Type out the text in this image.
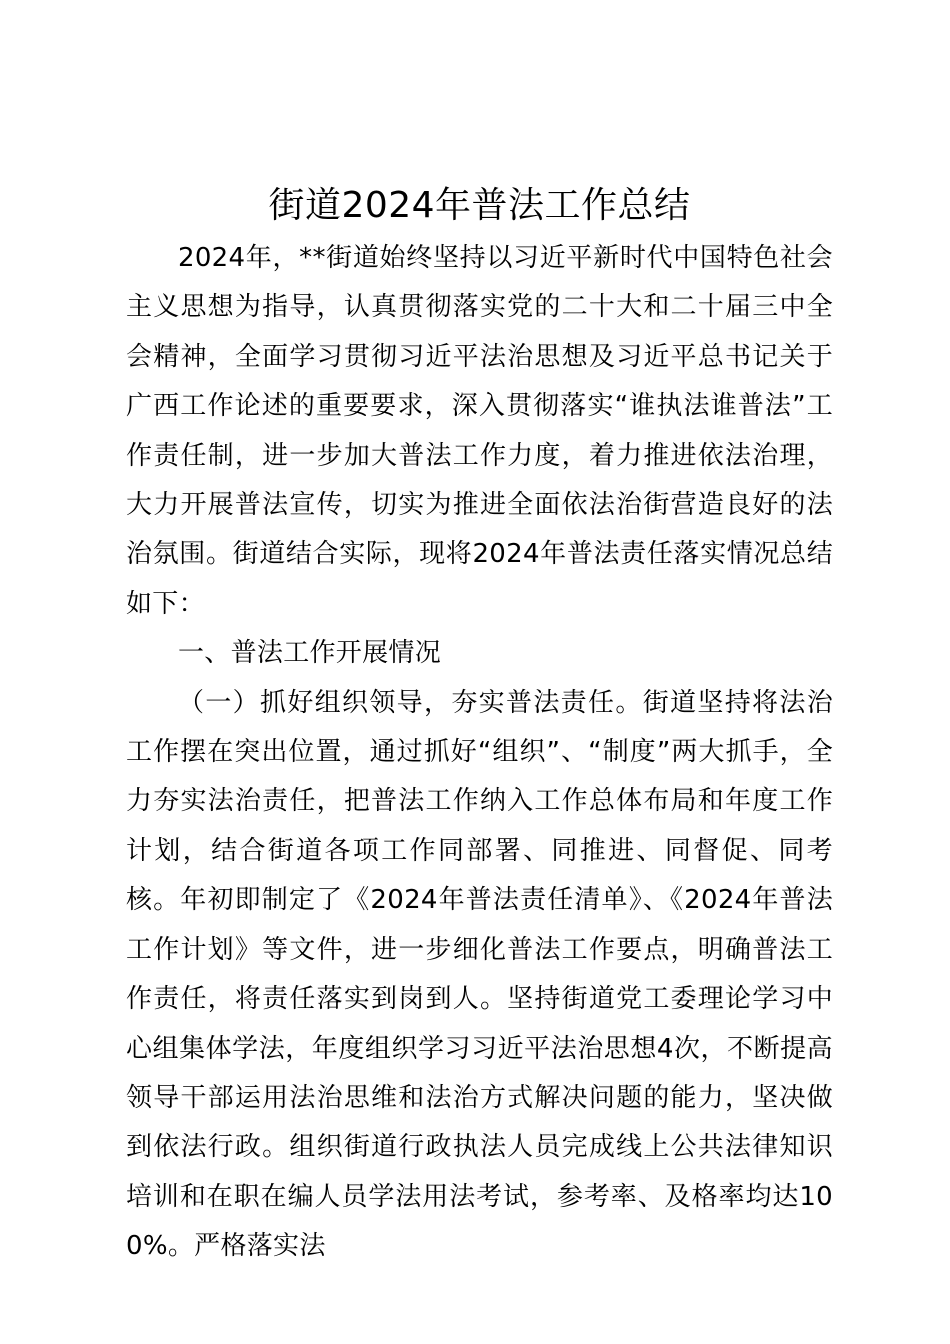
街道2024年普法工作总结

2024年，**街道始终坚持以习近平新时代中国特色社会主义思想为指导，认真贯彻落实党的二十大和二十届三中全会精神，全面学习贯彻习近平法治思想及习近平总书记关于广西工作论述的重要要求，深入贯彻落实“谁执法谁普法”工作责任制，进一步加大普法工作力度，着力推进依法治理，大力开展普法宣传，切实为推进全面依法治街营造良好的法治氛围。街道结合实际，现将2024年普法责任落实情况总结如下：

一、普法工作开展情况

（一）抓好组织领导，夯实普法责任。街道坚持将法治工作摆在突出位置，通过抓好“组织”、“制度”两大抓手，全力夯实法治责任，把普法工作纳入工作总体布局和年度工作计划，结合街道各项工作同部署、同推进、同督促、同考核。年初即制定了《2024年普法责任清单》、《2024年普法工作计划》等文件，进一步细化普法工作要点，明确普法工作责任，将责任落实到岗到人。坚持街道党工委理论学习中心组集体学法，年度组织学习习近平法治思想4次，不断提高领导干部运用法治思维和法治方式解决问题的能力，坚决做到依法行政。组织街道行政执法人员完成线上公共法律知识培训和在职在编人员学法用法考试，参考率、及格率均达100%。严格落实法
